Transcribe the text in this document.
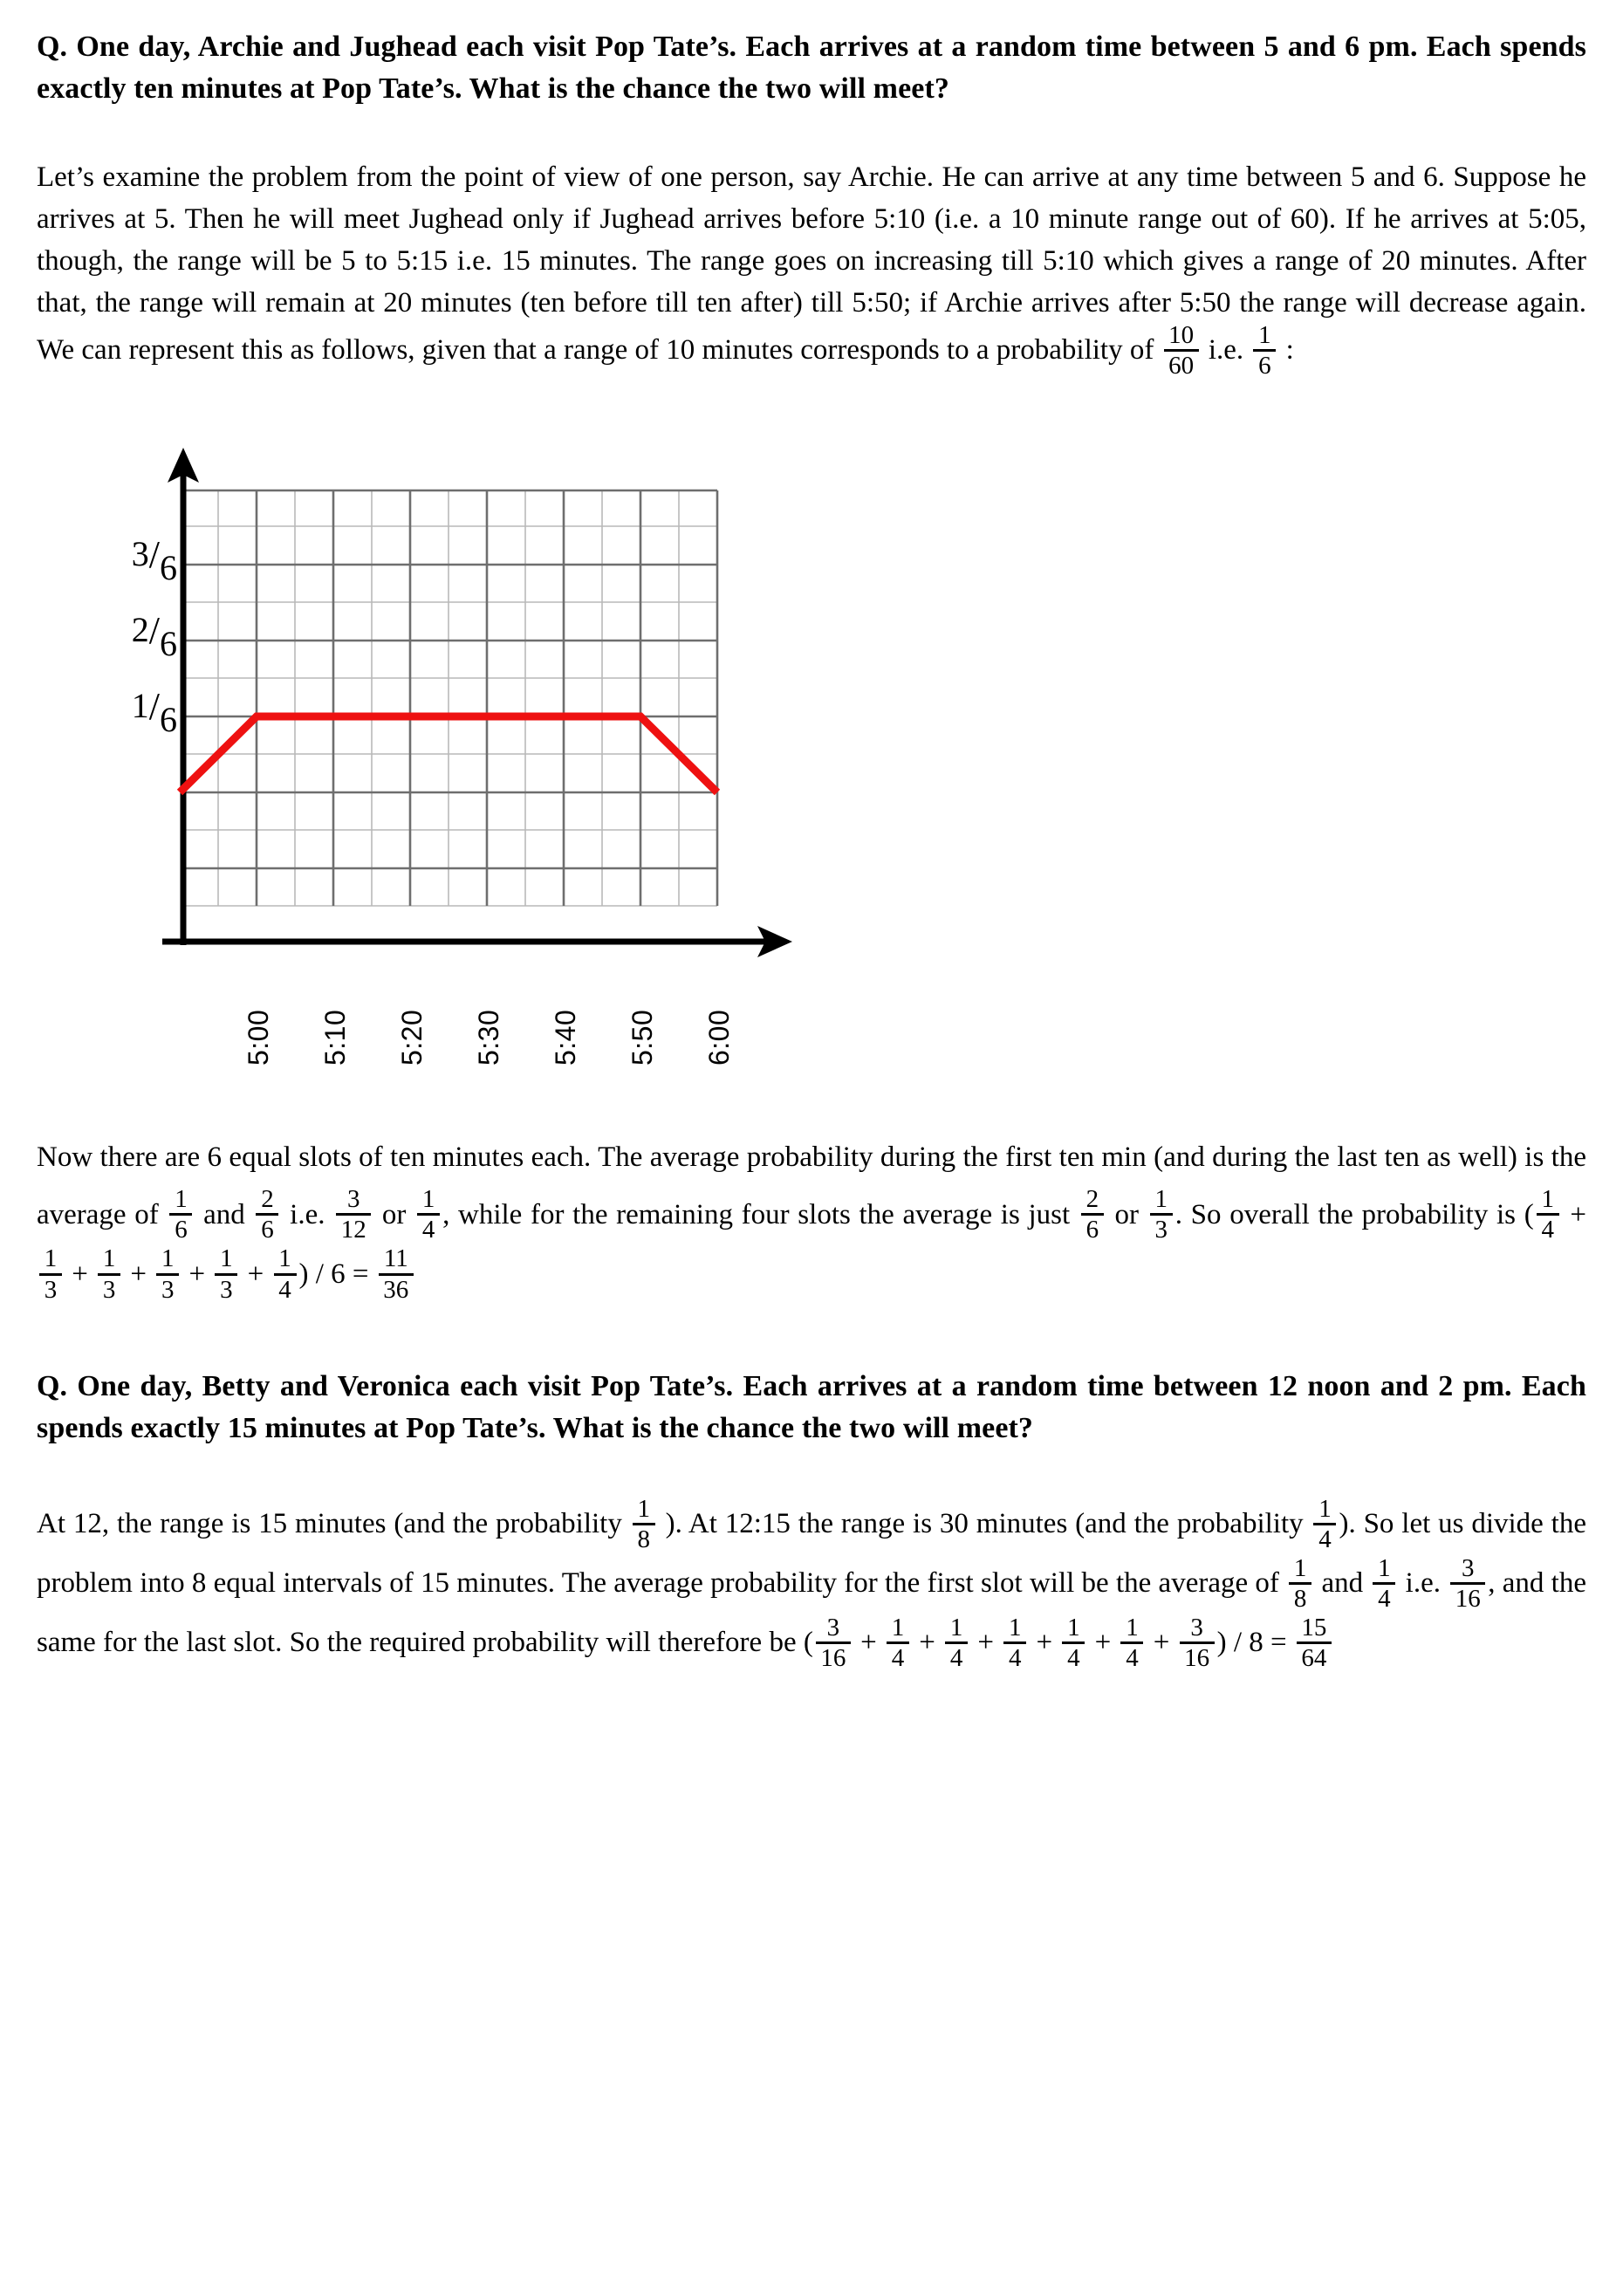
Q. One day, Archie and Jughead each visit Pop Tate’s. Each arrives at a random time between 5 and 6 pm. Each spends exactly ten minutes at Pop Tate’s. What is the chance the two will meet?

Let’s examine the problem from the point of view of one person, say Archie. He can arrive at any time between 5 and 6. Suppose he arrives at 5. Then he will meet Jughead only if Jughead arrives before 5:10 (i.e. a 10 minute range out of 60). If he arrives at 5:05, though, the range will be 5 to 5:15 i.e. 15 minutes. The range goes on increasing till 5:10 which gives a range of 20 minutes. After that, the range will remain at 20 minutes (ten before till ten after) till 5:50; if Archie arrives after 5:50 the range will decrease again. We can represent this as follows, given that a range of 10 minutes corresponds to a probability of $\frac{10}{60} i.e$. $\frac{1}{6}$ :

3/6
2/6
1/6
5:00 5:10 5:20 5:30 5:40 5:50 6:00

Now there are 6 equal slots of ten minutes each. The average probability during the first ten min (and during the last ten as well) is the average of $\frac{1}{6}$ and $\frac{2}{6} i.e$. $\frac{3}{12}$ or $\frac{1}{4}$ , while for the remaining four slots the average is just $\frac{2}{6}$ or $\frac{1}{3}$ . So overall the probability is ( $\frac{1}{4}$ +
$\frac{1}{3} + \frac{1}{3} + \frac{1}{3} + \frac{1}{3} + \frac{1}{4}$ ) / $6 = \frac{11}{36}$

Q. One day, Betty and Veronica each visit Pop Tate’s. Each arrives at a random time between 12 noon and 2 pm. Each spends exactly 15 minutes at Pop Tate’s. What is the chance the two will meet?

At 12, the range is 15 minutes (and the probability $\frac{1}{8}$ ). At 12:15 the range is 30 minutes (and the probability $\frac{1}{4}$ ). So let us divide the problem into 8 equal intervals of 15 minutes. The average probability for the first slot will be the average of $\frac{1}{8}$ and $\frac{1}{4} i.e$. $\frac{3}{16}$ , and the same for the last slot. So the required probability will therefore be ( $\frac{3}{16} + \frac{1}{4} + \frac{1}{4} + \frac{1}{4} + \frac{1}{4} + \frac{1}{4} + \frac{3}{16}$ ) / $8 = \frac{15}{64}$
